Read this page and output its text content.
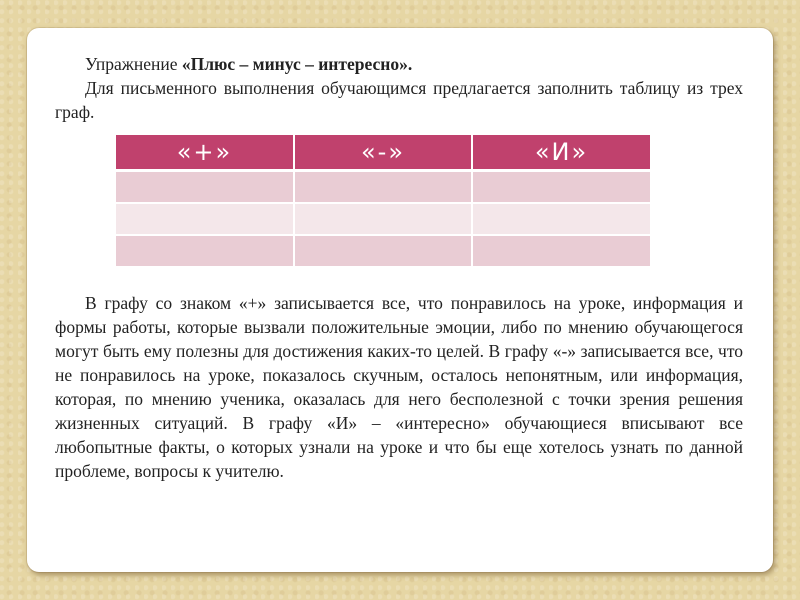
Упражнение «Плюс – минус – интересно».
Для письменного выполнения обучающимся предлагается заполнить таблицу из трех граф.
«+»	«-»	«И»

В графу со знаком «+» записывается все, что понравилось на уроке, информация и формы работы, которые вызвали положительные эмоции, либо по мнению обучающегося могут быть ему полезны для достижения каких-то целей. В графу «-» записывается все, что не понравилось на уроке, показалось скучным, осталось непонятным, или информация, которая, по мнению ученика, оказалась для него бесполезной с точки зрения решения жизненных ситуаций. В графу «И» – «интересно» обучающиеся вписывают все любопытные факты, о которых узнали на уроке и что бы еще хотелось узнать по данной проблеме, вопросы к учителю.
